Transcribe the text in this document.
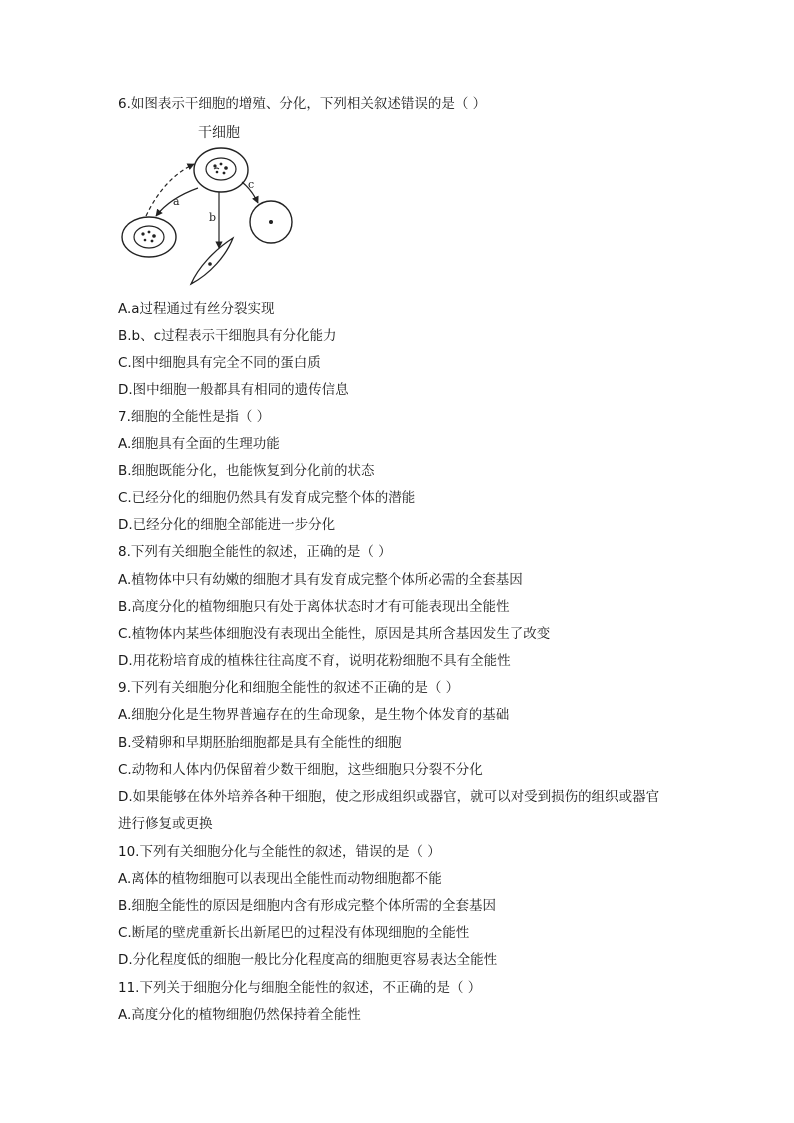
6.如图表示干细胞的增殖、分化，下列相关叙述错误的是（ ）
干细胞
a
b
c
A.a过程通过有丝分裂实现
B.b、c过程表示干细胞具有分化能力
C.图中细胞具有完全不同的蛋白质
D.图中细胞一般都具有相同的遗传信息
7.细胞的全能性是指（ ）
A.细胞具有全面的生理功能
B.细胞既能分化，也能恢复到分化前的状态
C.已经分化的细胞仍然具有发育成完整个体的潜能
D.已经分化的细胞全部能进一步分化
8.下列有关细胞全能性的叙述，正确的是（ ）
A.植物体中只有幼嫩的细胞才具有发育成完整个体所必需的全套基因
B.高度分化的植物细胞只有处于离体状态时才有可能表现出全能性
C.植物体内某些体细胞没有表现出全能性，原因是其所含基因发生了改变
D.用花粉培育成的植株往往高度不育，说明花粉细胞不具有全能性
9.下列有关细胞分化和细胞全能性的叙述不正确的是（ ）
A.细胞分化是生物界普遍存在的生命现象，是生物个体发育的基础
B.受精卵和早期胚胎细胞都是具有全能性的细胞
C.动物和人体内仍保留着少数干细胞，这些细胞只分裂不分化
D.如果能够在体外培养各种干细胞，使之形成组织或器官，就可以对受到损伤的组织或器官
进行修复或更换
10.下列有关细胞分化与全能性的叙述，错误的是（ ）
A.离体的植物细胞可以表现出全能性而动物细胞都不能
B.细胞全能性的原因是细胞内含有形成完整个体所需的全套基因
C.断尾的壁虎重新长出新尾巴的过程没有体现细胞的全能性
D.分化程度低的细胞一般比分化程度高的细胞更容易表达全能性
11.下列关于细胞分化与细胞全能性的叙述，不正确的是（ ）
A.高度分化的植物细胞仍然保持着全能性
